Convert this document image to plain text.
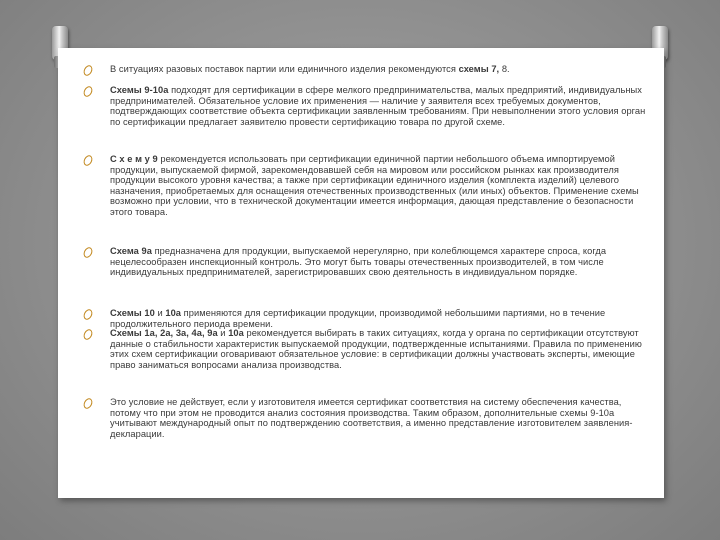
В ситуациях разовых поставок партии или единичного изделия рекомендуются схемы 7, 8.
Схемы 9-10а подходят для сертификации в сфере мелкого предпринимательства, малых предприятий, индивидуальных предпринимателей. Обязательное условие их применения — наличие у заявителя всех требуемых документов, подтверждающих соответствие объекта сертификации заявленным требованиям. При невыполнении этого условия орган по сертификации предлагает заявителю провести сертификацию товара по другой схеме.
С х е м у 9 рекомендуется использовать при сертификации единичной партии небольшого объема импортируемой продукции, выпускаемой фирмой, зарекомендовавшей себя на мировом или российском рынках как производителя продукции высокого уровня качества; а также при сертификации единичного изделия (комплекта изделий) целевого назначения, приобретаемых для оснащения отечественных производственных (или иных) объектов. Применение схемы возможно при условии, что в технической документации имеется информация, дающая представление о безопасности этого товара.
Схема 9а предназначена для продукции, выпускаемой нерегулярно, при колеблющемся характере спроса, когда нецелесообразен инспекционный контроль. Это могут быть товары отечественных производителей, в том числе индивидуальных предпринимателей, зарегистрировавших свою деятельность в индивидуальном порядке.
Схемы 10 и 10а применяются для сертификации продукции, производимой небольшими партиями, но в течение продолжительного периода времени.
Схемы 1а, 2а, 3а, 4а, 9а и 10а рекомендуется выбирать в таких ситуациях, когда у органа по сертификации отсутствуют данные о стабильности характеристик выпускаемой продукции, подтвержденные испытаниями. Правила по применению этих схем сертификации оговаривают обязательное условие: в сертификации должны участвовать эксперты, имеющие право заниматься вопросами анализа производства.
Это условие не действует, если у изготовителя имеется сертификат соответствия на систему обеспечения качества, потому что при этом не проводится анализ состояния производства. Таким образом, дополнительные схемы 9-10а учитывают международный опыт по подтверждению соответствия, а именно представление изготовителем заявления-декларации.
